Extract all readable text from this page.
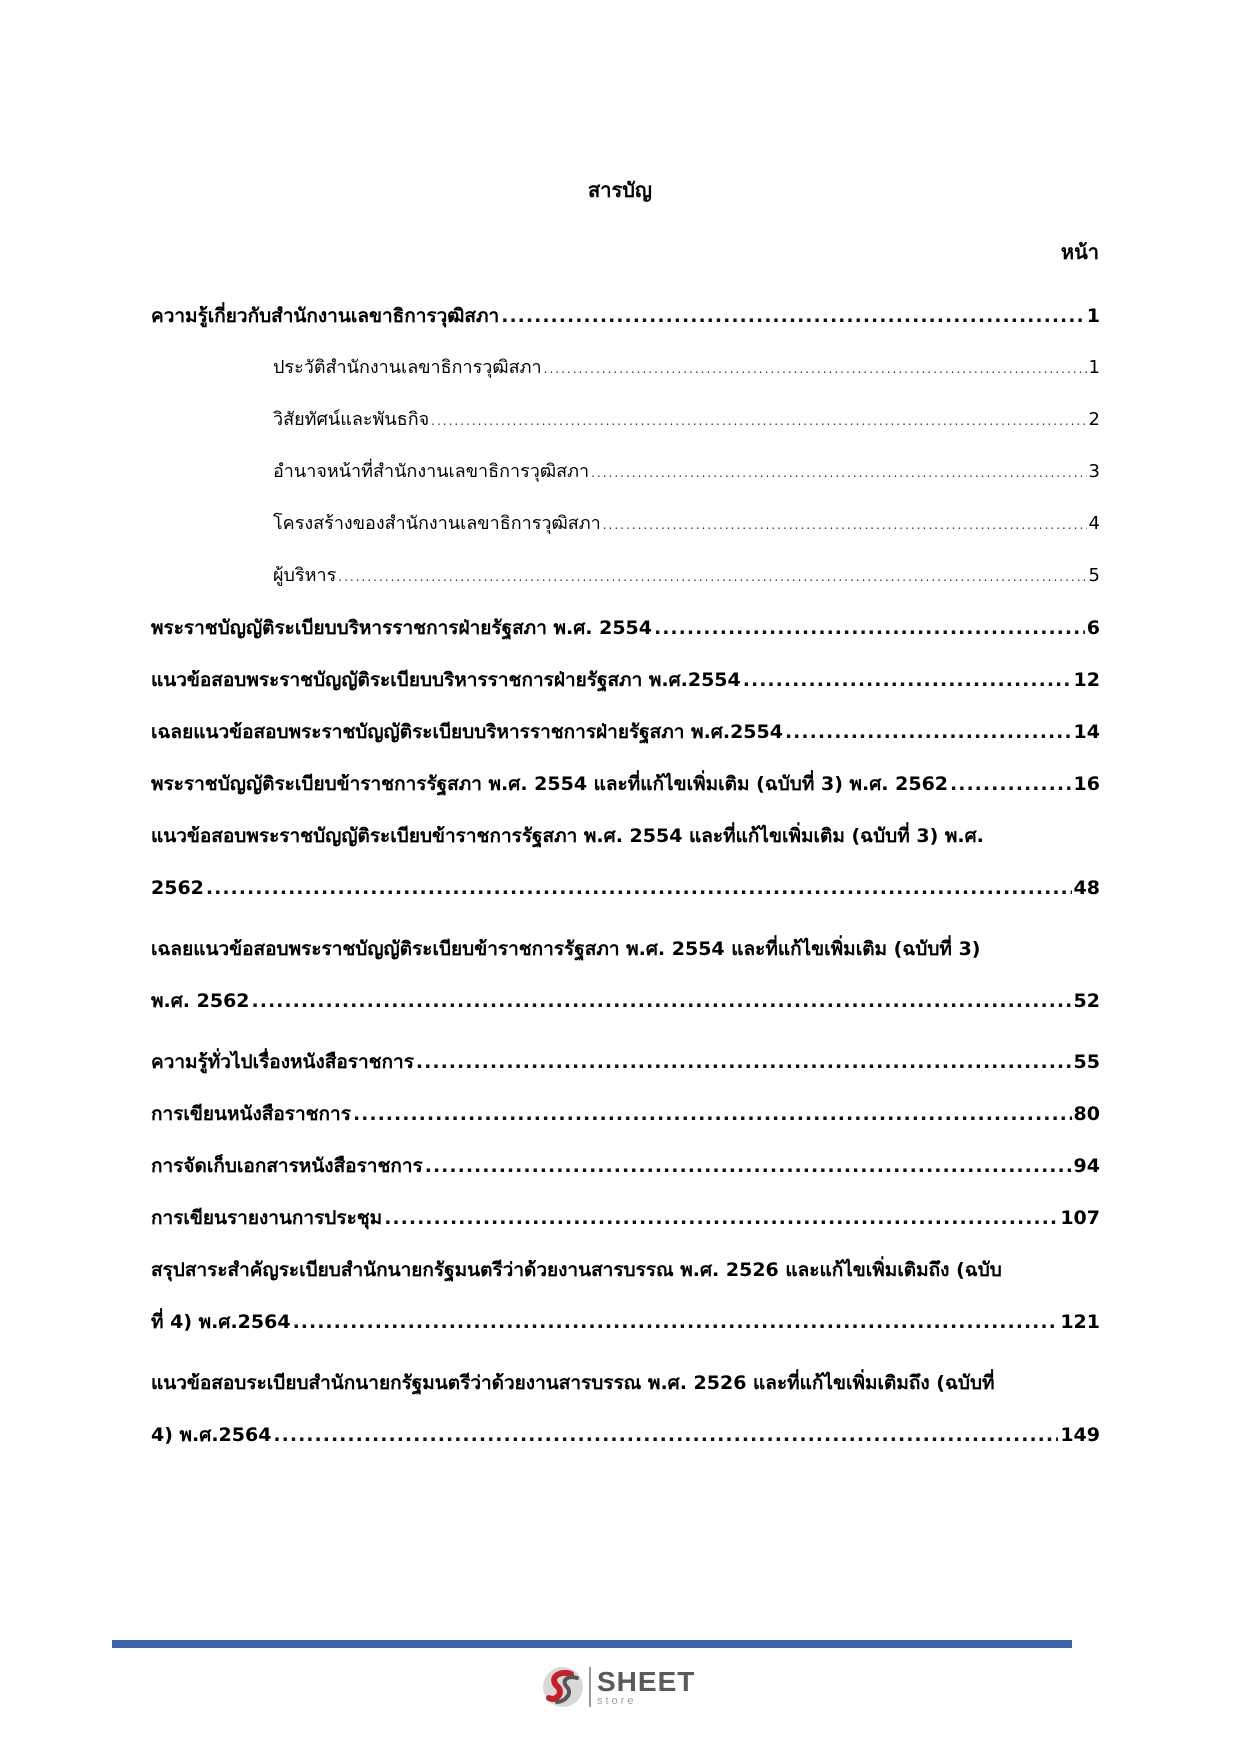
สารบัญ
หน้า
ความรู้เกี่ยวกับสำนักงานเลขาธิการวุฒิสภา .....	1
ประวัติสำนักงานเลขาธิการวุฒิสภา .....	1
วิสัยทัศน์และพันธกิจ .....	2
อำนาจหน้าที่สำนักงานเลขาธิการวุฒิสภา .....	3
โครงสร้างของสำนักงานเลขาธิการวุฒิสภา .....	4
ผู้บริหาร .....	5
พระราชบัญญัติระเบียบบริหารราชการฝ่ายรัฐสภา พ.ศ. 2554 .....	6
แนวข้อสอบพระราชบัญญัติระเบียบบริหารราชการฝ่ายรัฐสภา พ.ศ.2554 .....	12
เฉลยแนวข้อสอบพระราชบัญญัติระเบียบบริหารราชการฝ่ายรัฐสภา พ.ศ.2554 .....	14
พระราชบัญญัติระเบียบข้าราชการรัฐสภา พ.ศ. 2554 และที่แก้ไขเพิ่มเติม (ฉบับที่ 3) พ.ศ. 2562 .....	16
แนวข้อสอบพระราชบัญญัติระเบียบข้าราชการรัฐสภา พ.ศ. 2554 และที่แก้ไขเพิ่มเติม (ฉบับที่ 3) พ.ศ.
2562 .....	48
เฉลยแนวข้อสอบพระราชบัญญัติระเบียบข้าราชการรัฐสภา พ.ศ. 2554 และที่แก้ไขเพิ่มเติม (ฉบับที่ 3)
พ.ศ. 2562 .....	52
ความรู้ทั่วไปเรื่องหนังสือราชการ .....	55
การเขียนหนังสือราชการ .....	80
การจัดเก็บเอกสารหนังสือราชการ .....	94
การเขียนรายงานการประชุม .....	107
สรุปสาระสำคัญระเบียบสำนักนายกรัฐมนตรีว่าด้วยงานสารบรรณ พ.ศ. 2526 และแก้ไขเพิ่มเติมถึง (ฉบับ
ที่ 4) พ.ศ.2564 .....	121
แนวข้อสอบระเบียบสำนักนายกรัฐมนตรีว่าด้วยงานสารบรรณ พ.ศ. 2526 และที่แก้ไขเพิ่มเติมถึง (ฉบับที่
4) พ.ศ.2564 .....	149
SHEET
store
